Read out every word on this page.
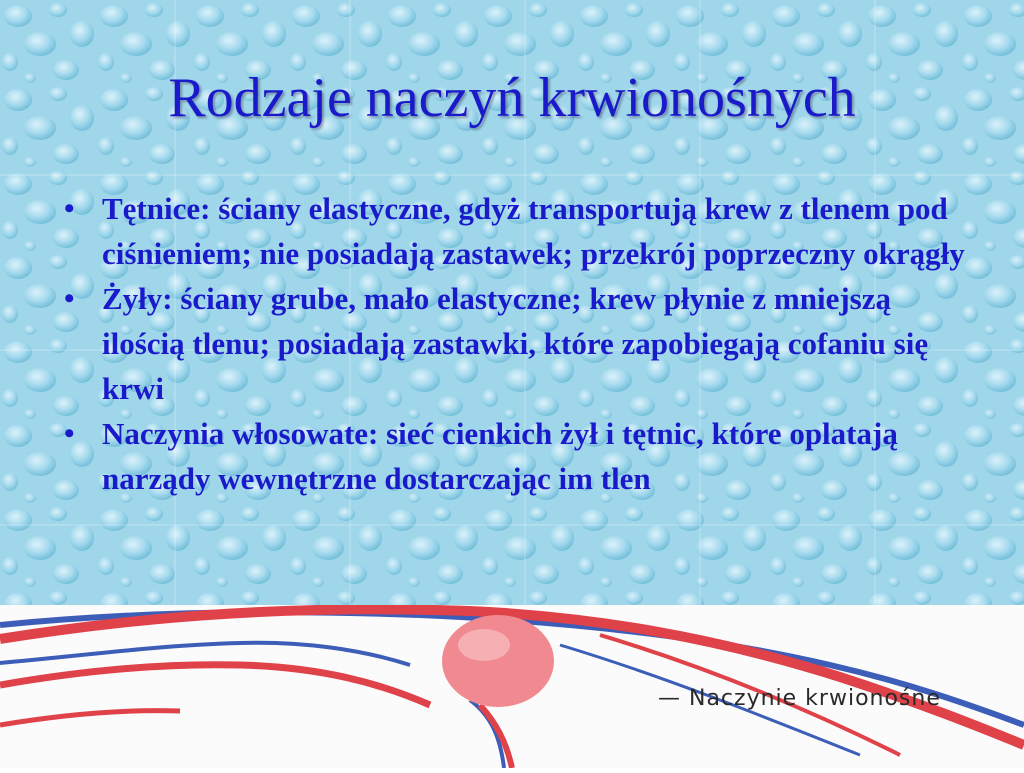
Rodzaje naczyń krwionośnych
• Tętnice: ściany elastyczne, gdyż transportują krew z tlenem pod ciśnieniem; nie posiadają zastawek; przekrój poprzeczny okrągły
• Żyły: ściany grube, mało elastyczne; krew płynie z mniejszą ilością tlenu; posiadają zastawki, które zapobiegają cofaniu się krwi
• Naczynia włosowate: sieć cienkich żył i tętnic, które oplatają narządy wewnętrzne dostarczając im tlen
— Naczynie krwionośne
